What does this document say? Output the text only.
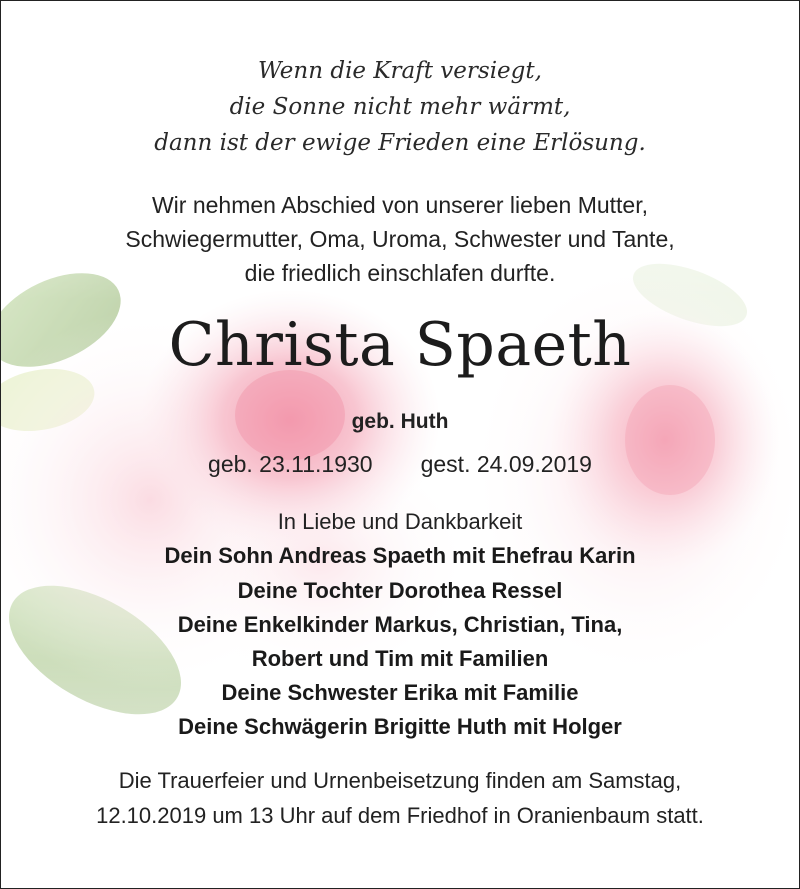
Wenn die Kraft versiegt,
die Sonne nicht mehr wärmt,
dann ist der ewige Frieden eine Erlösung.
Wir nehmen Abschied von unserer lieben Mutter,
Schwiegermutter, Oma, Uroma, Schwester und Tante,
die friedlich einschlafen durfte.
Christa Spaeth
geb. Huth
geb. 23.11.1930 gest. 24.09.2019
In Liebe und Dankbarkeit
Dein Sohn Andreas Spaeth mit Ehefrau Karin
Deine Tochter Dorothea Ressel
Deine Enkelkinder Markus, Christian, Tina,
Robert und Tim mit Familien
Deine Schwester Erika mit Familie
Deine Schwägerin Brigitte Huth mit Holger
Die Trauerfeier und Urnenbeisetzung finden am Samstag,
12.10.2019 um 13 Uhr auf dem Friedhof in Oranienbaum statt.
